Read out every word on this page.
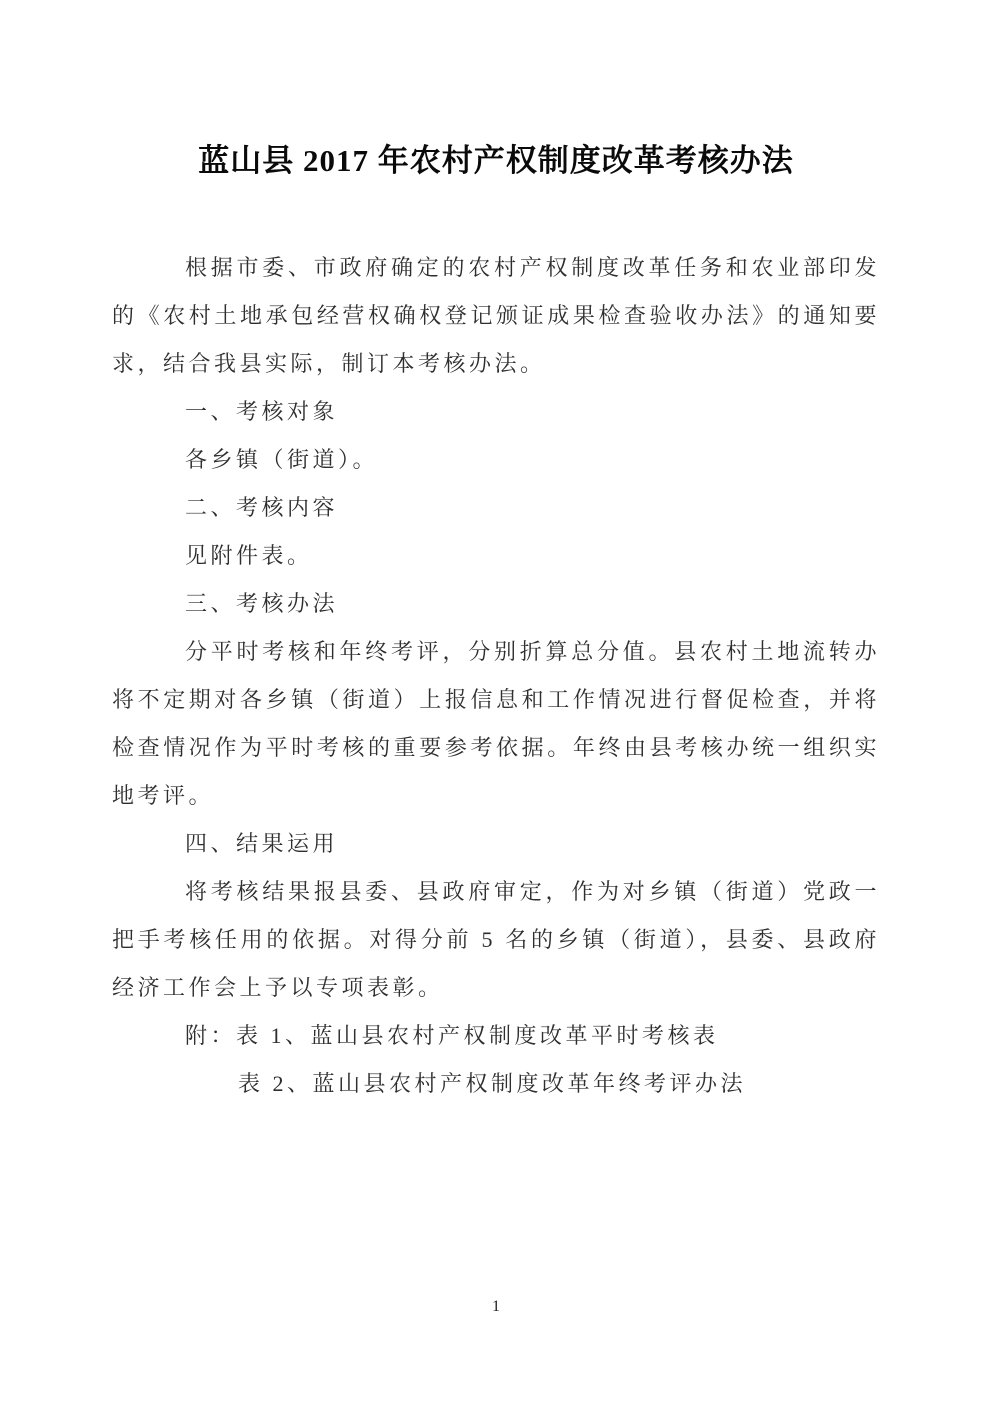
蓝山县 2017 年农村产权制度改革考核办法

根据市委、市政府确定的农村产权制度改革任务和农业部印发的《农村土地承包经营权确权登记颁证成果检查验收办法》的通知要求，结合我县实际，制订本考核办法。

一、考核对象

各乡镇（街道）。

二、考核内容

见附件表。

三、考核办法

分平时考核和年终考评，分别折算总分值。县农村土地流转办将不定期对各乡镇（街道）上报信息和工作情况进行督促检查，并将检查情况作为平时考核的重要参考依据。年终由县考核办统一组织实地考评。

四、结果运用

将考核结果报县委、县政府审定，作为对乡镇（街道）党政一把手考核任用的依据。对得分前 5 名的乡镇（街道），县委、县政府经济工作会上予以专项表彰。

附：表 1、蓝山县农村产权制度改革平时考核表

表 2、蓝山县农村产权制度改革年终考评办法

1
